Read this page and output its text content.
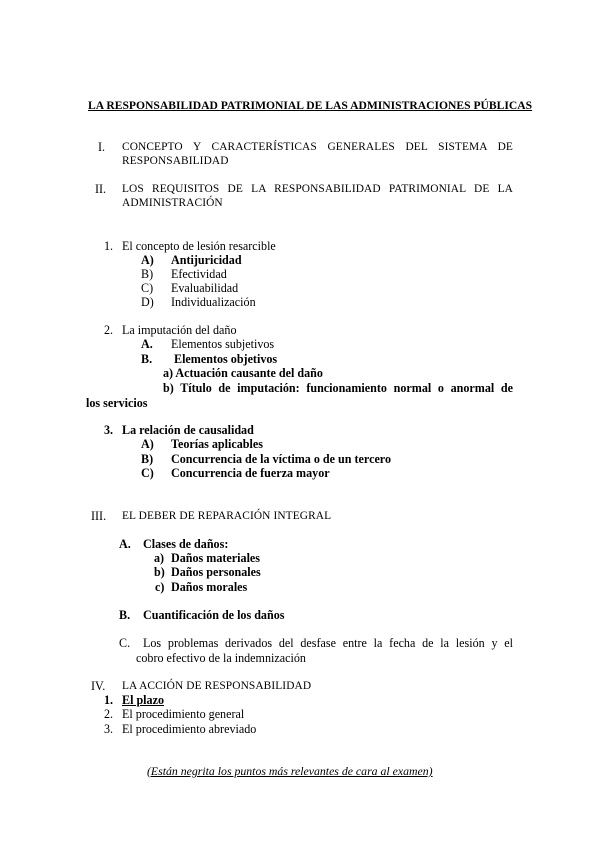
LA RESPONSABILIDAD PATRIMONIAL DE LAS ADMINISTRACIONES PÚBLICAS
I. CONCEPTO Y CARACTERÍSTICAS GENERALES DEL SISTEMA DE
RESPONSABILIDAD
II. LOS REQUISITOS DE LA RESPONSABILIDAD PATRIMONIAL DE LA
ADMINISTRACIÓN
1. El concepto de lesión resarcible
A) Antijuricidad
B) Efectividad
C) Evaluabilidad
D) Individualización
2. La imputación del daño
A. Elementos subjetivos
B. Elementos objetivos
a) Actuación causante del daño
b) Título de imputación: funcionamiento normal o anormal de
los servicios
3. La relación de causalidad
A) Teorías aplicables
B) Concurrencia de la víctima o de un tercero
C) Concurrencia de fuerza mayor
III. EL DEBER DE REPARACIÓN INTEGRAL
A. Clases de daños:
a) Daños materiales
b) Daños personales
c) Daños morales
B. Cuantificación de los daños
C. Los problemas derivados del desfase entre la fecha de la lesión y el
cobro efectivo de la indemnización
IV. LA ACCIÓN DE RESPONSABILIDAD
1. El plazo
2. El procedimiento general
3. El procedimiento abreviado
(Están negrita los puntos más relevantes de cara al examen)
